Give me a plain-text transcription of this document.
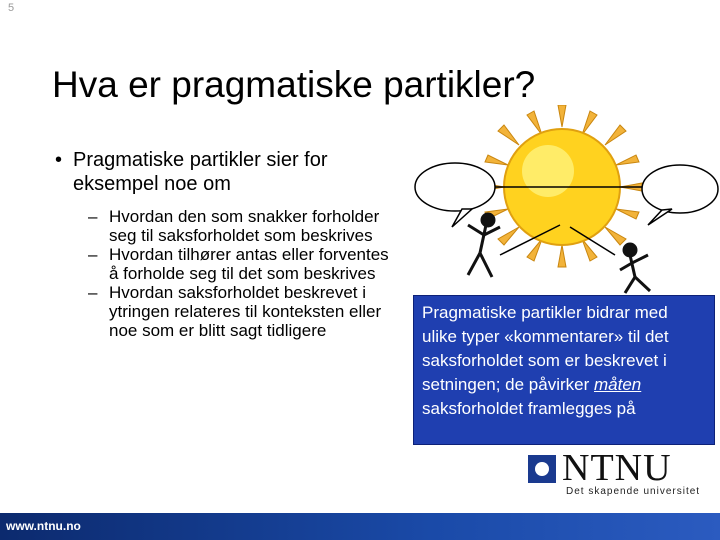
5
Hva er pragmatiske partikler?
• Pragmatiske partikler sier for eksempel noe om
– Hvordan den som snakker forholder seg til saksforholdet som beskrives
– Hvordan tilhører antas eller forventes å forholde seg til det som beskrives
– Hvordan saksforholdet beskrevet i ytringen relateres til konteksten eller noe som er blitt sagt tidligere
Pragmatiske partikler bidrar med ulike typer «kommentarer» til det saksforholdet som er beskrevet i setningen; de påvirker måten saksforholdet framlegges på
NTNU
Det skapende universitet
www.ntnu.no
